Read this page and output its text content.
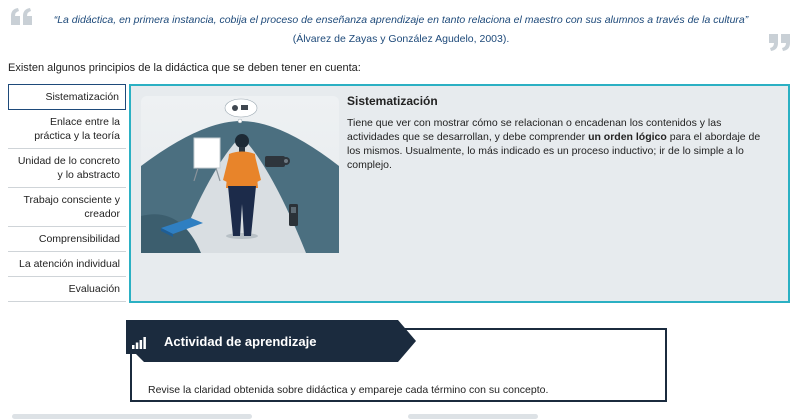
“La didáctica, en primera instancia, cobija el proceso de enseñanza aprendizaje en tanto relaciona el maestro con sus alumnos a través de la cultura”
(Álvarez de Zayas y González Agudelo, 2003).
Existen algunos principios de la didáctica que se deben tener en cuenta:
Sistematización
Enlace entre la práctica y la teoría
Unidad de lo concreto y lo abstracto
Trabajo consciente y creador
Comprensibilidad
La atención individual
Evaluación
Sistematización
Tiene que ver con mostrar cómo se relacionan o encadenan los contenidos y las actividades que se desarrollan, y debe comprender un orden lógico para el abordaje de los mismos. Usualmente, lo más indicado es un proceso inductivo; ir de lo simple a lo complejo.
Revise la claridad obtenida sobre didáctica y empareje cada término con su concepto.
Actividad de aprendizaje
